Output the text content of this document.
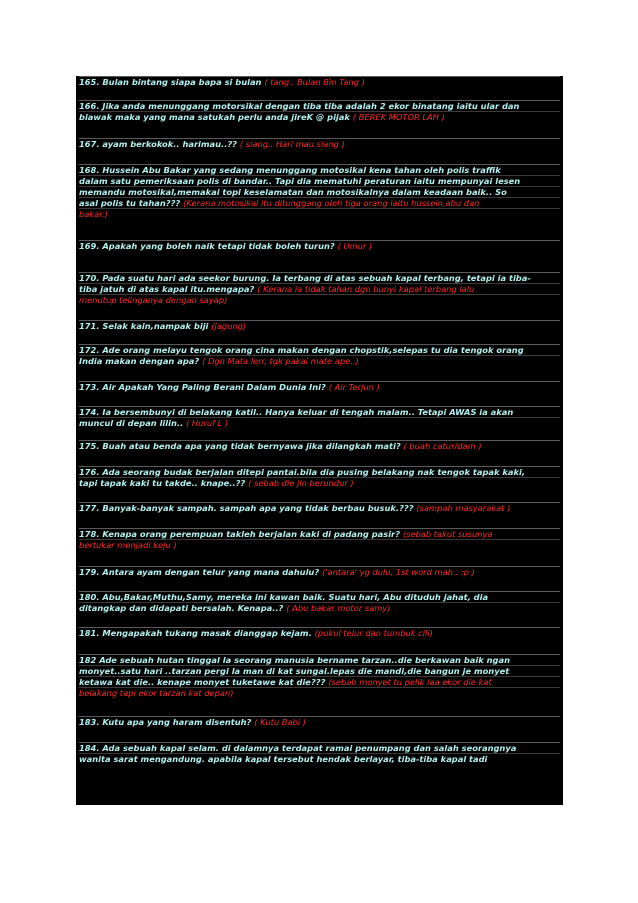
165. Bulan bintang siapa bapa si bulan ( tang.. Bulan Bin Tang )
166. Jika anda menunggang motorsikal dengan tiba tiba adalah 2 ekor binatang iaitu ular dan
biawak maka yang mana satukah perlu anda jireK @ pijak ( BEREK MOTOR LAH )
167. ayam berkokok.. harimau..?? ( siang.. Hari mau siang )
168. Hussein Abu Bakar yang sedang menunggang motosikal kena tahan oleh polis traffik
dalam satu pemeriksaan polis di bandar.. Tapi dia mematuhi peraturan iaitu mempunyai lesen
memandu motosikal,memakai topi keselamatan dan motosikalnya dalam keadaan baik.. So
asal polis tu tahan??? (Kerana motosikal itu ditunggang oleh tiga orang iaitu hussein,abu dan
bakar.)
169. Apakah yang boleh naik tetapi tidak boleh turun? ( Umur )
170. Pada suatu hari ada seekor burung. Ia terbang di atas sebuah kapal terbang, tetapi ia tiba-
tiba jatuh di atas kapal itu.mengapa? ( Kerana ia tidak tahan dgn bunyi kapal terbang lalu
menutup telinganya dengan sayap)
171. Selak kain,nampak biji (jagung)
172. Ade orang melayu tengok orang cina makan dengan chopstik,selepas tu dia tengok orang
India makan dengan apa? ( Dgn Mata lerr, tgk pakai mate ape..)
173. Air Apakah Yang Paling Berani Dalam Dunia Ini? ( Air Terjun )
174. Ia bersembunyi di belakang katil.. Hanya keluar di tengah malam.. Tetapi AWAS ia akan
muncul di depan lilin.. ( Huruf L )
175. Buah atau benda apa yang tidak bernyawa jika dilangkah mati? ( buah catur/dam )
176. Ada seorang budak berjalan ditepi pantai.bila dia pusing belakang nak tengok tapak kaki,
tapi tapak kaki tu takde.. knape..?? ( sebab die jln berundur )
177. Banyak-banyak sampah. sampah apa yang tidak berbau busuk.??? (sampah masyarakat )
178. Kenapa orang perempuan takleh berjalan kaki di padang pasir? (sebab takut susunya
bertukar menjadi keju )
179. Antara ayam dengan telur yang mana dahulu? ('antara' yg dulu, 1st word mah.. :p )
180. Abu,Bakar,Muthu,Samy, mereka ini kawan baik. Suatu hari, Abu dituduh jahat, dia
ditangkap dan didapati bersalah. Kenapa..? ( Abu bakar motor samy)
181. Mengapakah tukang masak dianggap kejam. (pukul telur dan tumbuk cili)
182 Ade sebuah hutan tinggal la seorang manusia bername tarzan..die berkawan baik ngan
monyet..satu hari ..tarzan pergi la man di kat sungai.lepas die mandi,die bangun je monyet
ketawa kat die.. kenape monyet tuketawe kat die??? (sebab monyet tu pelik laa ekor die kat
belakang tapi ekor tarzan kat depan)
183. Kutu apa yang haram disentuh? ( Kutu Babi )
184. Ada sebuah kapal selam. di dalamnya terdapat ramai penumpang dan salah seorangnya
wanita sarat mengandung. apabila kapal tersebut hendak berlayar, tiba-tiba kapal tadi
